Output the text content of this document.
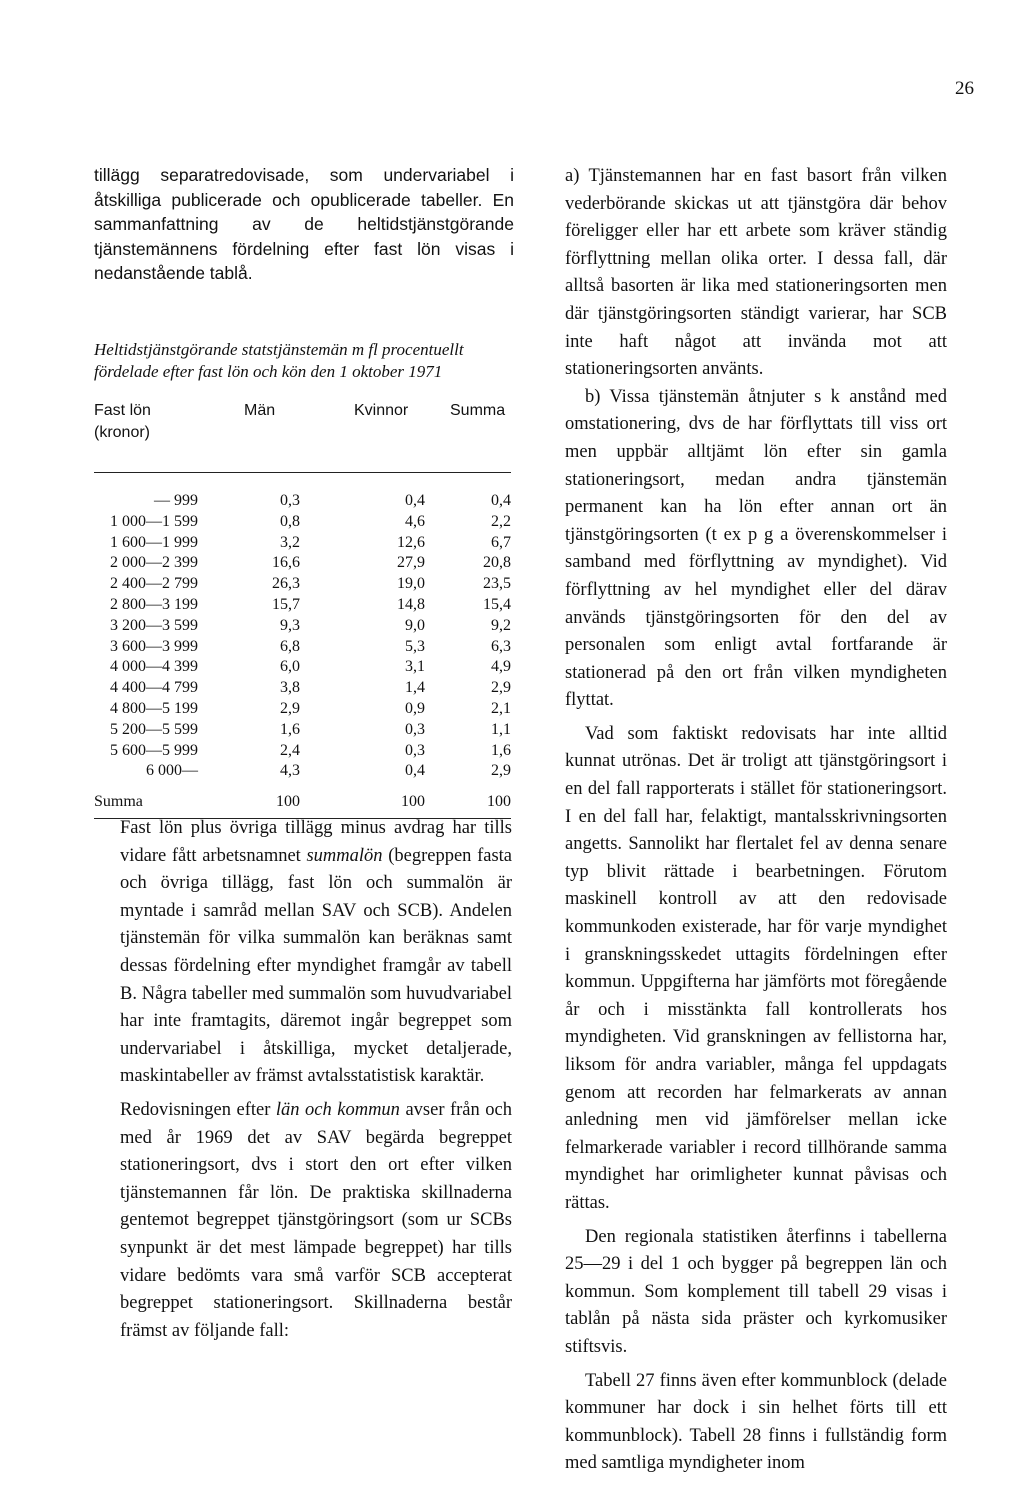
26

tillägg separatredovisade, som undervariabel i åtskilliga publicerade och opublicerade tabeller. En sammanfattning av de heltidstjänstgörande tjänstemännens fördelning efter fast lön visas i nedanstående tablå.

Heltidstjänstgörande statstjänstemän m fl procentuellt
fördelade efter fast lön och kön den 1 oktober 1971
Fast lön
(kronor)
Män	Kvinnor	Summa
— 999	0,3	0,4	0,4
1 000—1 599	0,8	4,6	2,2
1 600—1 999	3,2	12,6	6,7
2 000—2 399	16,6	27,9	20,8
2 400—2 799	26,3	19,0	23,5
2 800—3 199	15,7	14,8	15,4
3 200—3 599	9,3	9,0	9,2
3 600—3 999	6,8	5,3	6,3
4 000—4 399	6,0	3,1	4,9
4 400—4 799	3,8	1,4	2,9
4 800—5 199	2,9	0,9	2,1
5 200—5 599	1,6	0,3	1,1
5 600—5 999	2,4	0,3	1,6
6 000—	4,3	0,4	2,9
Summa	100	100	100

Fast lön plus övriga tillägg minus avdrag har tills vidare fått arbetsnamnet summalön (begreppen fasta och övriga tillägg, fast lön och summalön är myntade i samråd mellan SAV och SCB). Andelen tjänstemän för vilka summalön kan beräknas samt dessas fördelning efter myndighet framgår av tabell B. Några tabeller med summalön som huvudvariabel har inte framtagits, däremot ingår begreppet som undervariabel i åtskilliga, mycket detaljerade, maskintabeller av främst avtalsstatistisk karaktär.

Redovisningen efter län och kommun avser från och med år 1969 det av SAV begärda begreppet stationeringsort, dvs i stort den ort efter vilken tjänstemannen får lön. De praktiska skillnaderna gentemot begreppet tjänstgöringsort (som ur SCBs synpunkt är det mest lämpade begreppet) har tills vidare bedömts vara små varför SCB accepterat begreppet stationeringsort. Skillnaderna består främst av följande fall:

a) Tjänstemannen har en fast basort från vilken vederbörande skickas ut att tjänstgöra där behov föreligger eller har ett arbete som kräver ständig förflyttning mellan olika orter. I dessa fall, där alltså basorten är lika med stationeringsorten men där tjänstgöringsorten ständigt varierar, har SCB inte haft något att invända mot att stationeringsorten använts.

b) Vissa tjänstemän åtnjuter s k anstånd med omstationering, dvs de har förflyttats till viss ort men uppbär alltjämt lön efter sin gamla stationeringsort, medan andra tjänstemän permanent kan ha lön efter annan ort än tjänstgöringsorten (t ex p g a överenskommelser i samband med förflyttning av myndighet). Vid förflyttning av hel myndighet eller del därav används tjänstgöringsorten för den del av personalen som enligt avtal fortfarande är stationerad på den ort från vilken myndigheten flyttat.

Vad som faktiskt redovisats har inte alltid kunnat utrönas. Det är troligt att tjänstgöringsort i en del fall rapporterats i stället för stationeringsort. I en del fall har, felaktigt, mantalsskrivningsorten angetts. Sannolikt har flertalet fel av denna senare typ blivit rättade i bearbetningen. Förutom maskinell kontroll av att den redovisade kommunkoden existerade, har för varje myndighet i granskningsskedet uttagits fördelningen efter kommun. Uppgifterna har jämförts mot föregående år och i misstänkta fall kontrollerats hos myndigheten. Vid granskningen av fellistorna har, liksom för andra variabler, många fel uppdagats genom att recorden har felmarkerats av annan anledning men vid jämförelser mellan icke felmarkerade variabler i record tillhörande samma myndighet har orimligheter kunnat påvisas och rättas.

Den regionala statistiken återfinns i tabellerna 25—29 i del 1 och bygger på begreppen län och kommun. Som komplement till tabell 29 visas i tablån på nästa sida präster och kyrkomusiker stiftsvis.

Tabell 27 finns även efter kommunblock (delade kommuner har dock i sin helhet förts till ett kommunblock). Tabell 28 finns i fullständig form med samtliga myndigheter inom
